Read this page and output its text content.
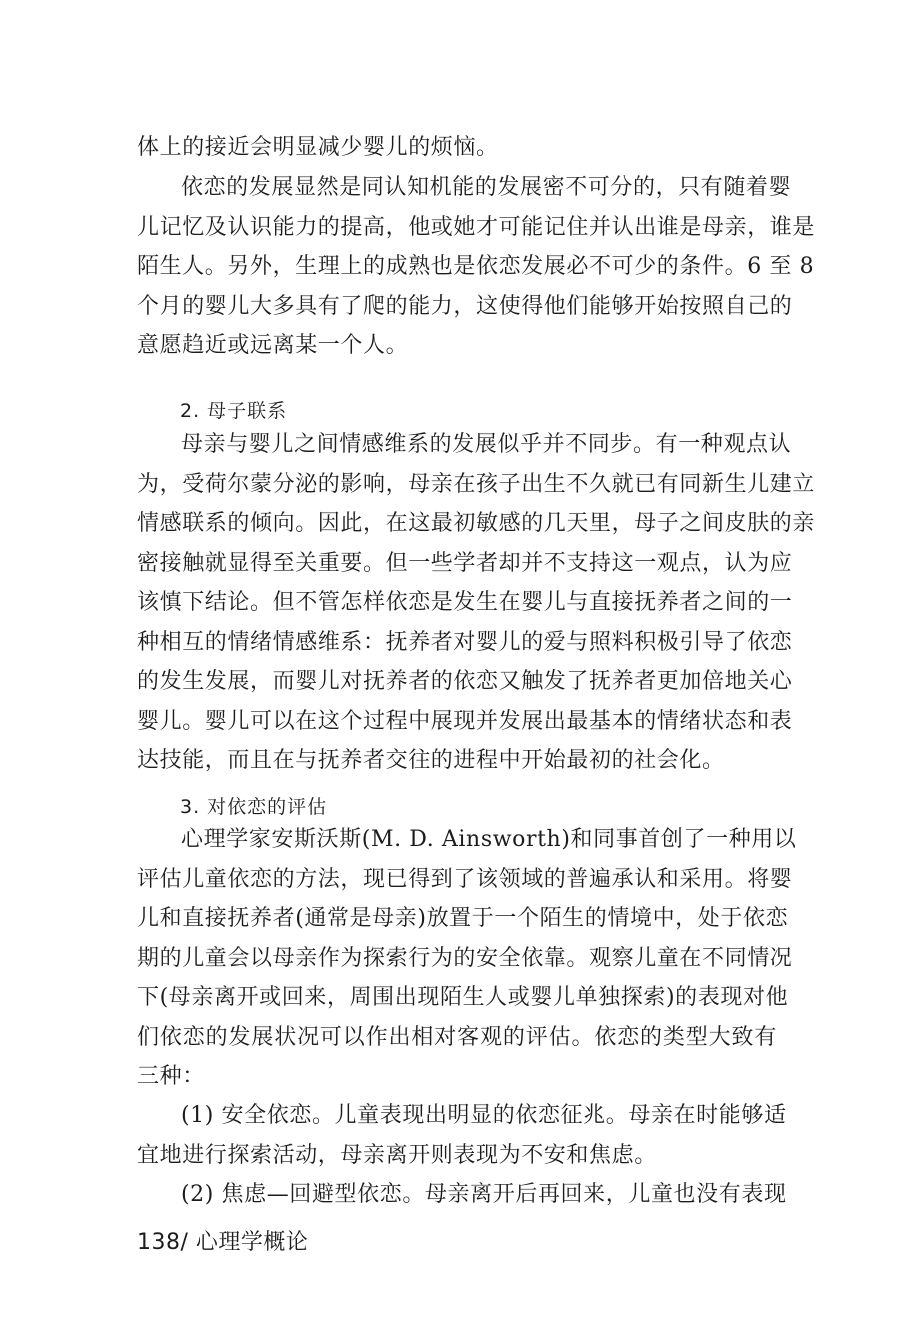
体上的接近会明显减少婴儿的烦恼。
依恋的发展显然是同认知机能的发展密不可分的，只有随着婴
儿记忆及认识能力的提高，他或她才可能记住并认出谁是母亲，谁是
陌生人。另外，生理上的成熟也是依恋发展必不可少的条件。6 至 8
个月的婴儿大多具有了爬的能力，这使得他们能够开始按照自己的
意愿趋近或远离某一个人。
2. 母子联系
母亲与婴儿之间情感维系的发展似乎并不同步。有一种观点认
为，受荷尔蒙分泌的影响，母亲在孩子出生不久就已有同新生儿建立
情感联系的倾向。因此，在这最初敏感的几天里，母子之间皮肤的亲
密接触就显得至关重要。但一些学者却并不支持这一观点，认为应
该慎下结论。但不管怎样依恋是发生在婴儿与直接抚养者之间的一
种相互的情绪情感维系：抚养者对婴儿的爱与照料积极引导了依恋
的发生发展，而婴儿对抚养者的依恋又触发了抚养者更加倍地关心
婴儿。婴儿可以在这个过程中展现并发展出最基本的情绪状态和表
达技能，而且在与抚养者交往的进程中开始最初的社会化。
3. 对依恋的评估
心理学家安斯沃斯(M. D. Ainsworth)和同事首创了一种用以
评估儿童依恋的方法，现已得到了该领域的普遍承认和采用。将婴
儿和直接抚养者(通常是母亲)放置于一个陌生的情境中，处于依恋
期的儿童会以母亲作为探索行为的安全依靠。观察儿童在不同情况
下(母亲离开或回来，周围出现陌生人或婴儿单独探索)的表现对他
们依恋的发展状况可以作出相对客观的评估。依恋的类型大致有
三种：
(1) 安全依恋。儿童表现出明显的依恋征兆。母亲在时能够适
宜地进行探索活动，母亲离开则表现为不安和焦虑。
(2) 焦虑—回避型依恋。母亲离开后再回来，儿童也没有表现
138/ 心理学概论
